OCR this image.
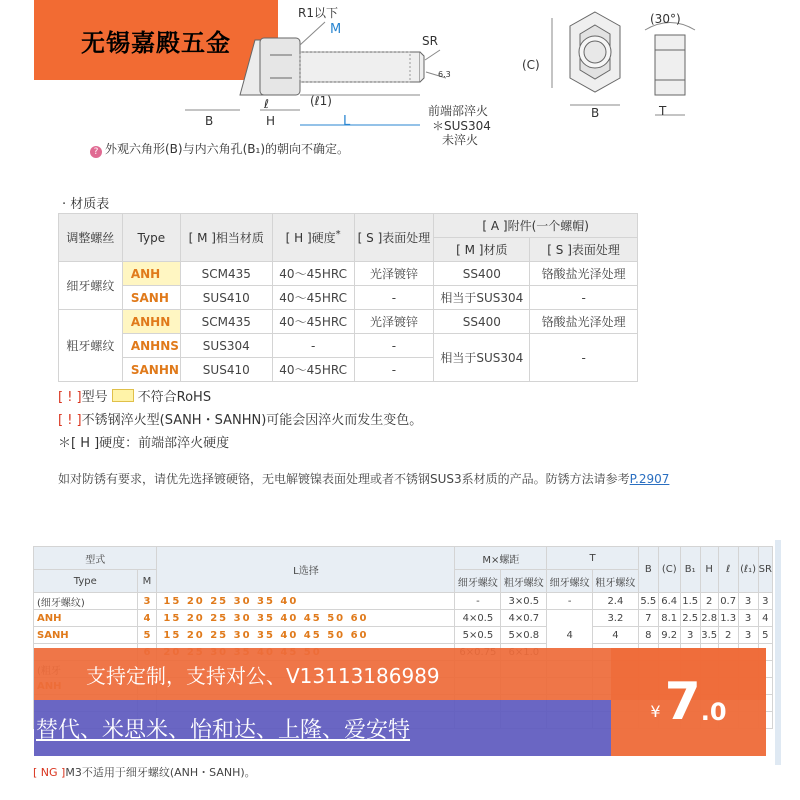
无锡嘉殿五金
R1以下
M
SR
6.3
前端部淬火
＊SUS304
未淬火
B	H
ℓ	(ℓ1)
L
(30°)
(C)
B	T
? 外观六角形(B)与内六角孔(B₁)的朝向不确定。
· 材质表
调整螺丝	Type	[ M ]相当材质	[ H ]硬度*	[ S ]表面处理	[ A ]附件(一个螺帽)	
					[ M ]材质	[ S ]表面处理
细牙螺纹	ANH	SCM435	40～45HRC	光泽镀锌	SS400	铬酸盐光泽处理
	SANH	SUS410	40～45HRC	-	相当于SUS304	-
粗牙螺纹	ANHN	SCM435	40～45HRC	光泽镀锌	SS400	铬酸盐光泽处理
	ANHNS	SUS304	-	-	相当于SUS304	-
	SANHN	SUS410	40～45HRC	-		
[ ! ]型号 不符合RoHS
[ ! ]不锈钢淬火型(SANH・SANHN)可能会因淬火而发生变色。
＊[ H ]硬度：前端部淬火硬度
如对防锈有要求，请优先选择镀硬铬，无电解镀镍表面处理或者不锈钢SUS3系材质的产品。防锈方法请参考P.2907
型式		L选择	M×螺距		T		B	(C)	B₁	H	ℓ	(ℓ₁)	SR
Type	M		细牙螺纹	粗牙螺纹	细牙螺纹	粗牙螺纹							
(细牙螺纹)	3	15 20 25 30 35 40	-	3×0.5	-	2.4	5.5	6.4	1.5	2	0.7	3	3
ANH	4	15 20 25 30 35 40 45 50 60	4×0.5	4×0.7	4	3.2	7	8.1	2.5	2.8	1.3	3	4
SANH	5	15 20 25 30 35 40 45 50 60	5×0.5	5×0.8		4	8	9.2	3	3.5	2	3	5

[ NG ]M3不适用于细牙螺纹(ANH・SANH)。
支持定制，支持对公、V13113186989
替代、米思米、怡和达、上隆、爱安特
¥ 7 .0
